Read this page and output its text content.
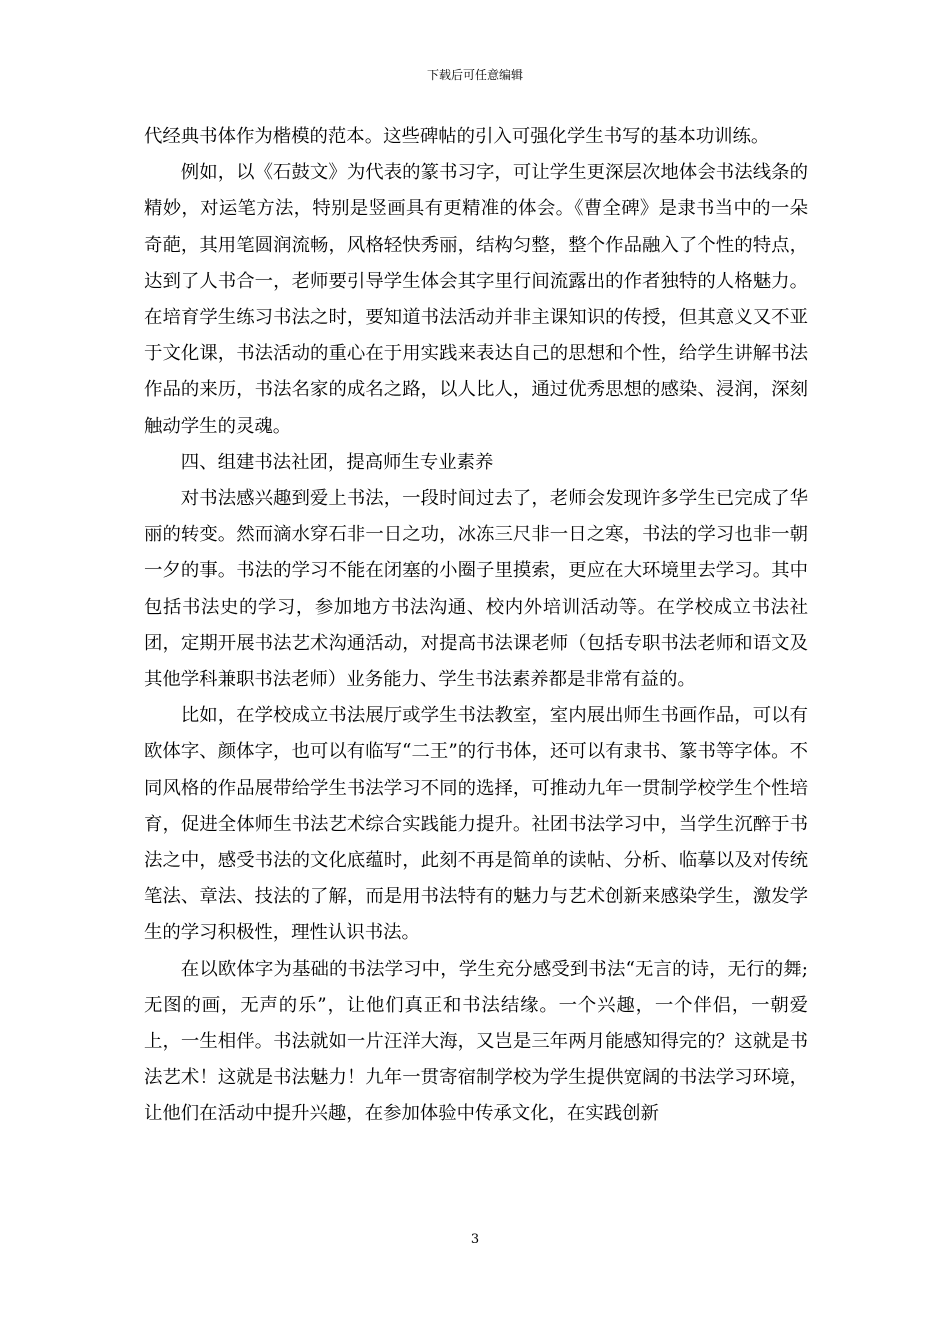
下载后可任意编辑

代经典书体作为楷模的范本。这些碑帖的引入可强化学生书写的基本功训练。

例如，以《石鼓文》为代表的篆书习字，可让学生更深层次地体会书法线条的精妙，对运笔方法，特别是竖画具有更精准的体会。《曹全碑》是隶书当中的一朵奇葩，其用笔圆润流畅，风格轻快秀丽，结构匀整，整个作品融入了个性的特点，达到了人书合一，老师要引导学生体会其字里行间流露出的作者独特的人格魅力。在培育学生练习书法之时，要知道书法活动并非主课知识的传授，但其意义又不亚于文化课，书法活动的重心在于用实践来表达自己的思想和个性，给学生讲解书法作品的来历，书法名家的成名之路，以人比人，通过优秀思想的感染、浸润，深刻触动学生的灵魂。

四、组建书法社团，提高师生专业素养

对书法感兴趣到爱上书法，一段时间过去了，老师会发现许多学生已完成了华丽的转变。然而滴水穿石非一日之功，冰冻三尺非一日之寒，书法的学习也非一朝一夕的事。书法的学习不能在闭塞的小圈子里摸索，更应在大环境里去学习。其中包括书法史的学习，参加地方书法沟通、校内外培训活动等。在学校成立书法社团，定期开展书法艺术沟通活动，对提高书法课老师（包括专职书法老师和语文及其他学科兼职书法老师）业务能力、学生书法素养都是非常有益的。

比如，在学校成立书法展厅或学生书法教室，室内展出师生书画作品，可以有欧体字、颜体字，也可以有临写“二王”的行书体，还可以有隶书、篆书等字体。不同风格的作品展带给学生书法学习不同的选择，可推动九年一贯制学校学生个性培育，促进全体师生书法艺术综合实践能力提升。社团书法学习中，当学生沉醉于书法之中，感受书法的文化底蕴时，此刻不再是简单的读帖、分析、临摹以及对传统笔法、章法、技法的了解，而是用书法特有的魅力与艺术创新来感染学生，激发学生的学习积极性，理性认识书法。

在以欧体字为基础的书法学习中，学生充分感受到书法“无言的诗，无行的舞;无图的画，无声的乐”，让他们真正和书法结缘。一个兴趣，一个伴侣，一朝爱上，一生相伴。书法就如一片汪洋大海，又岂是三年两月能感知得完的？这就是书法艺术！这就是书法魅力！九年一贯寄宿制学校为学生提供宽阔的书法学习环境，让他们在活动中提升兴趣，在参加体验中传承文化，在实践创新

3
